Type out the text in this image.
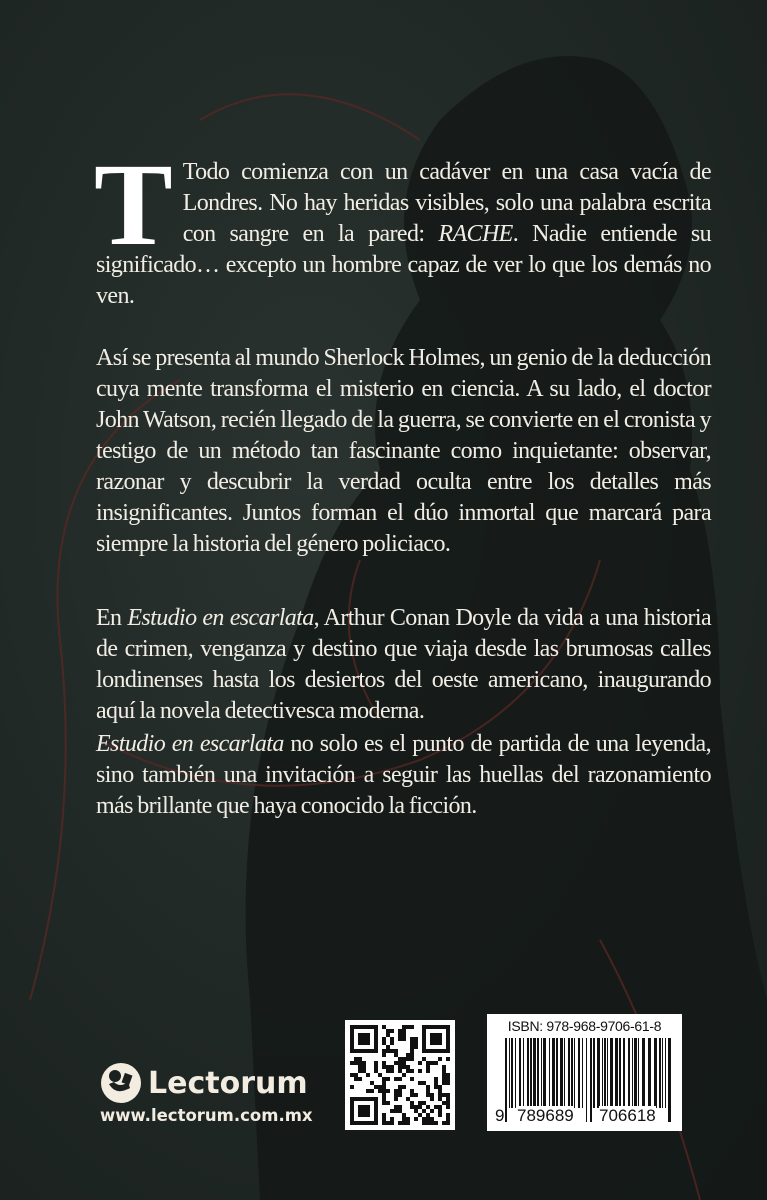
T Todo comienza con un cadáver en una casa vacía de Londres. No hay heridas visibles, solo una palabra escrita con sangre en la pared: RACHE. Nadie entiende su significado… excepto un hombre capaz de ver lo que los demás no ven.
Así se presenta al mundo Sherlock Holmes, un genio de la deducción cuya mente transforma el misterio en ciencia. A su lado, el doctor John Watson, recién llegado de la guerra, se convierte en el cronista y testigo de un método tan fascinante como inquietante: observar, razonar y descubrir la verdad oculta entre los detalles más insignificantes. Juntos forman el dúo inmortal que marcará para siempre la historia del género policiaco.
En Estudio en escarlata, Arthur Conan Doyle da vida a una historia de crimen, venganza y destino que viaja desde las brumosas calles londinenses hasta los desiertos del oeste americano, inaugurando aquí la novela detectivesca moderna.
Estudio en escarlata no solo es el punto de partida de una leyenda, sino también una invitación a seguir las huellas del razonamiento más brillante que haya conocido la ficción.
Lectorum
www.lectorum.com.mx
ISBN: 978-968-9706-61-8
9 789689 706618
